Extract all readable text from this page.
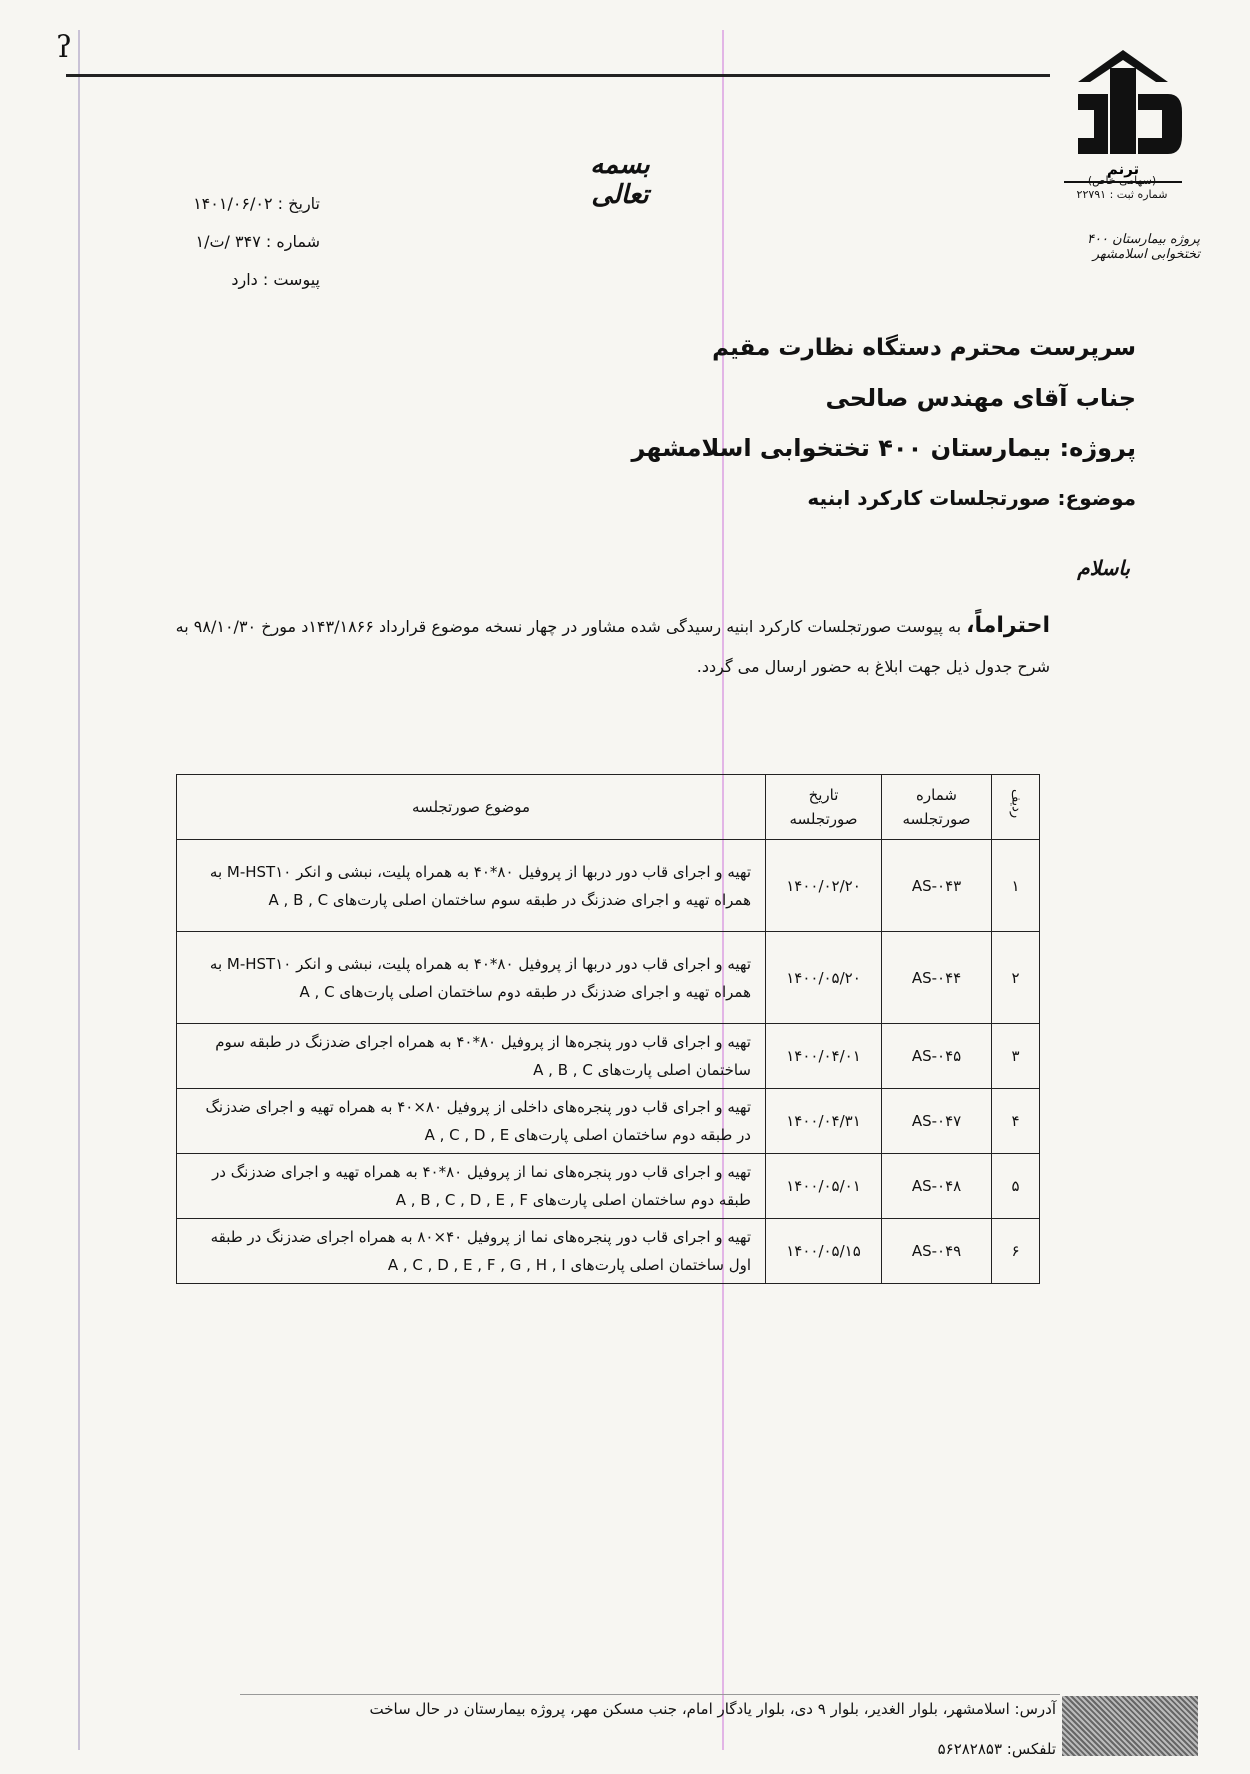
ʔ
ترنم
(سهامی خاص)
شماره ثبت : ۲۲۷۹۱
پروژه بیمارستان ۴۰۰ تختخوابی اسلامشهر
بسمه تعالی
تاریخ : ۱۴۰۱/۰۶/۰۲
شماره : ۳۴۷ /ت/۱
پیوست : دارد
سرپرست محترم دستگاه نظارت مقیم
جناب آقای مهندس صالحی
پروژه: بیمارستان ۴۰۰ تختخوابی اسلامشهر
موضوع: صورتجلسات کارکرد ابنیه
باسلام
احتراماً، به پیوست صورتجلسات کارکرد ابنیه رسیدگی شده مشاور در چهار نسخه موضوع قرارداد ۱۴۳/۱۸۶۶د مورخ ۹۸/۱۰/۳۰ به شرح جدول ذیل جهت ابلاغ به حضور ارسال می گردد.
ردیف	شماره صورتجلسه	تاریخ صورتجلسه	موضوع صورتجلسه
۱	AS-۰۴۳	۱۴۰۰/۰۲/۲۰	تهیه و اجرای قاب دور دربها از پروفیل ۸۰*۴۰ به همراه پلیت، نبشی و انکر M-HST۱۰ به همراه تهیه و اجرای ضدزنگ در طبقه سوم ساختمان اصلی پارت‌های A , B , C
۲	AS-۰۴۴	۱۴۰۰/۰۵/۲۰	تهیه و اجرای قاب دور دربها از پروفیل ۸۰*۴۰ به همراه پلیت، نبشی و انکر M-HST۱۰ به همراه تهیه و اجرای ضدزنگ در طبقه دوم ساختمان اصلی پارت‌های A , C
۳	AS-۰۴۵	۱۴۰۰/۰۴/۰۱	تهیه و اجرای قاب دور پنجره‌ها از پروفیل ۸۰*۴۰ به همراه اجرای ضدزنگ در طبقه سوم ساختمان اصلی پارت‌های A , B , C
۴	AS-۰۴۷	۱۴۰۰/۰۴/۳۱	تهیه و اجرای قاب دور پنجره‌های داخلی از پروفیل ۸۰×۴۰ به همراه تهیه و اجرای ضدزنگ در طبقه دوم ساختمان اصلی پارت‌های A , C , D , E
۵	AS-۰۴۸	۱۴۰۰/۰۵/۰۱	تهیه و اجرای قاب دور پنجره‌های نما از پروفیل ۸۰*۴۰ به همراه تهیه و اجرای ضدزنگ در طبقه دوم ساختمان اصلی پارت‌های A , B , C , D , E , F
۶	AS-۰۴۹	۱۴۰۰/۰۵/۱۵	تهیه و اجرای قاب دور پنجره‌های نما از پروفیل ۴۰×۸۰ به همراه اجرای ضدزنگ در طبقه اول ساختمان اصلی پارت‌های A , C , D , E , F , G , H , I
آدرس: اسلامشهر، بلوار الغدیر، بلوار ۹ دی، بلوار یادگار امام، جنب مسکن مهر، پروژه بیمارستان در حال ساخت
تلفکس: ۵۶۲۸۲۸۵۳
